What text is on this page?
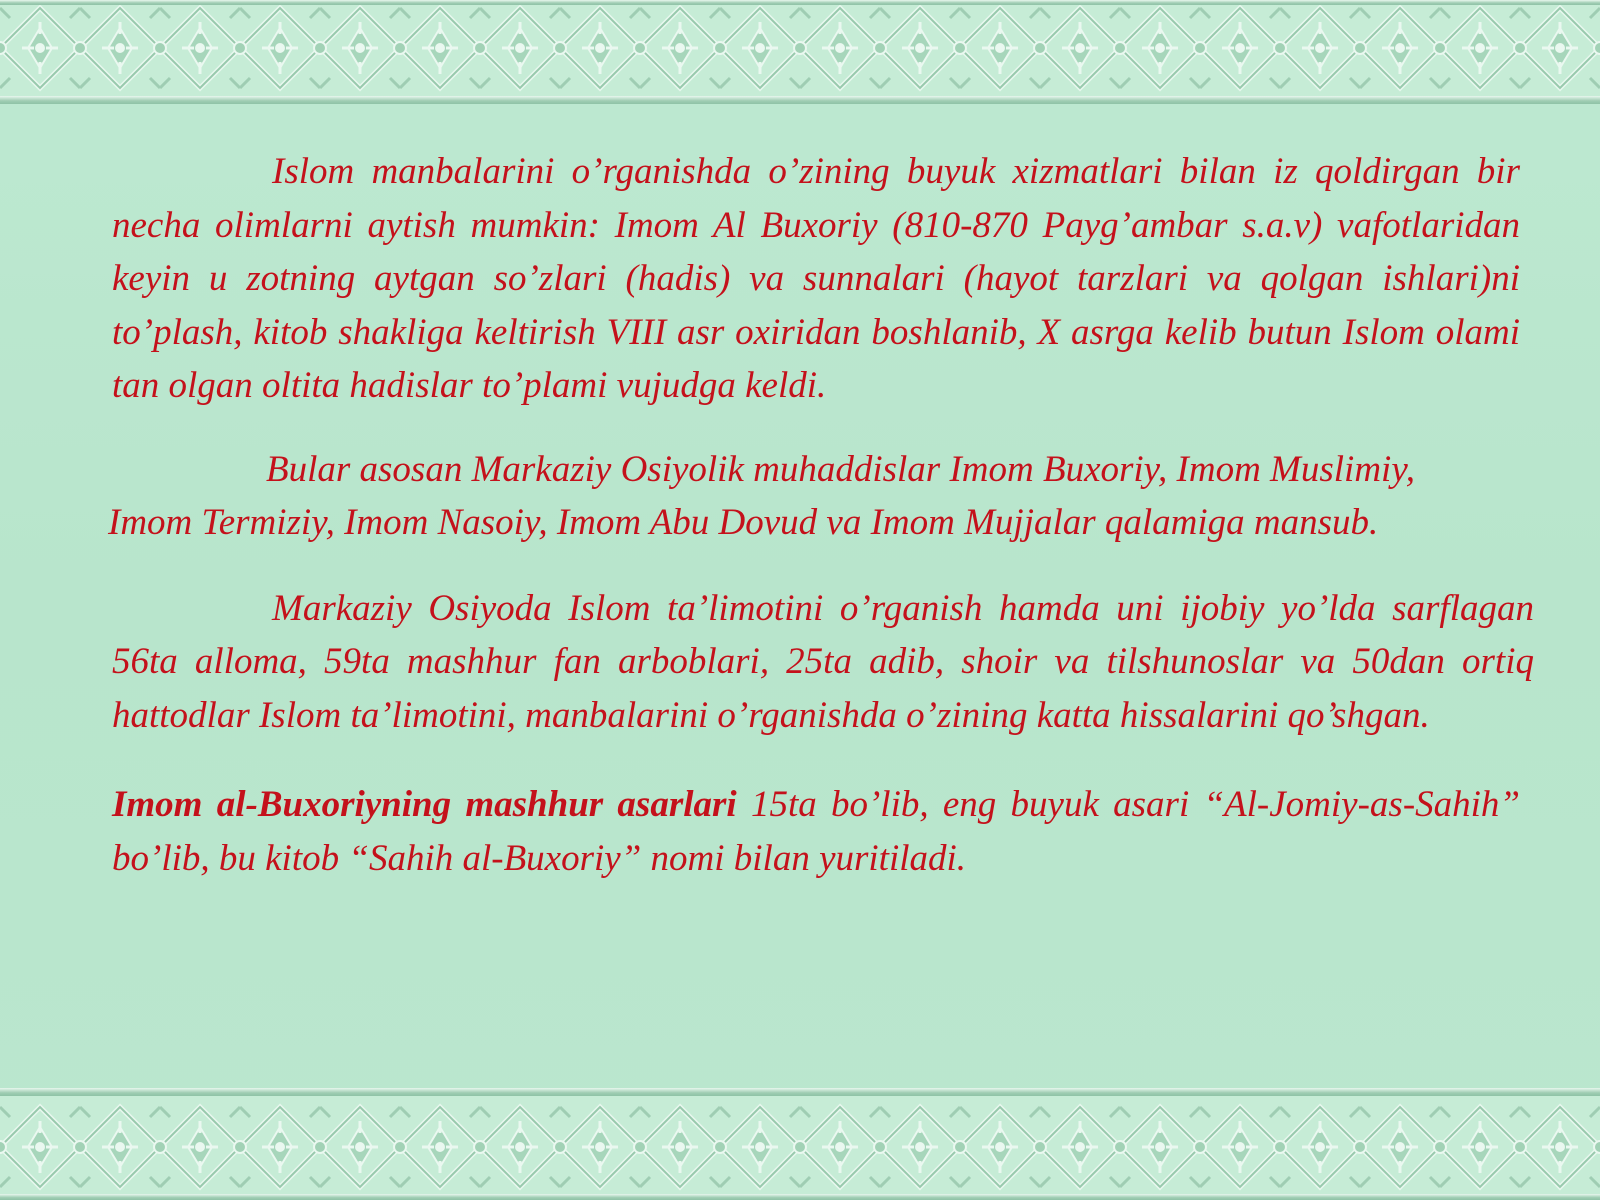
Islom manbalarini o’rganishda o’zining buyuk xizmatlari bilan iz qoldirgan bir necha olimlarni aytish mumkin: Imom Al Buxoriy (810-870 Payg’ambar s.a.v) vafotlaridan keyin u zotning aytgan so’zlari (hadis) va sunnalari (hayot tarzlari va qolgan ishlari)ni to’plash, kitob shakliga keltirish VIII asr oxiridan boshlanib, X asrga kelib butun Islom olami tan olgan oltita hadislar to’plami vujudga keldi.

Bular asosan Markaziy Osiyolik muhaddislar Imom Buxoriy, Imom Muslimiy, Imom Termiziy, Imom Nasoiy, Imom Abu Dovud va Imom Mujjalar qalamiga mansub.

Markaziy Osiyoda Islom ta’limotini o’rganish hamda uni ijobiy yo’lda sarflagan 56ta alloma, 59ta mashhur fan arboblari, 25ta adib, shoir va tilshunoslar va 50dan ortiq hattodlar Islom ta’limotini, manbalarini o’rganishda o’zining katta hissalarini qo’shgan.

Imom al-Buxoriyning mashhur asarlari 15ta bo’lib, eng buyuk asari “Al-Jomiy-as-Sahih” bo’lib, bu kitob “Sahih al-Buxoriy” nomi bilan yuritiladi.
